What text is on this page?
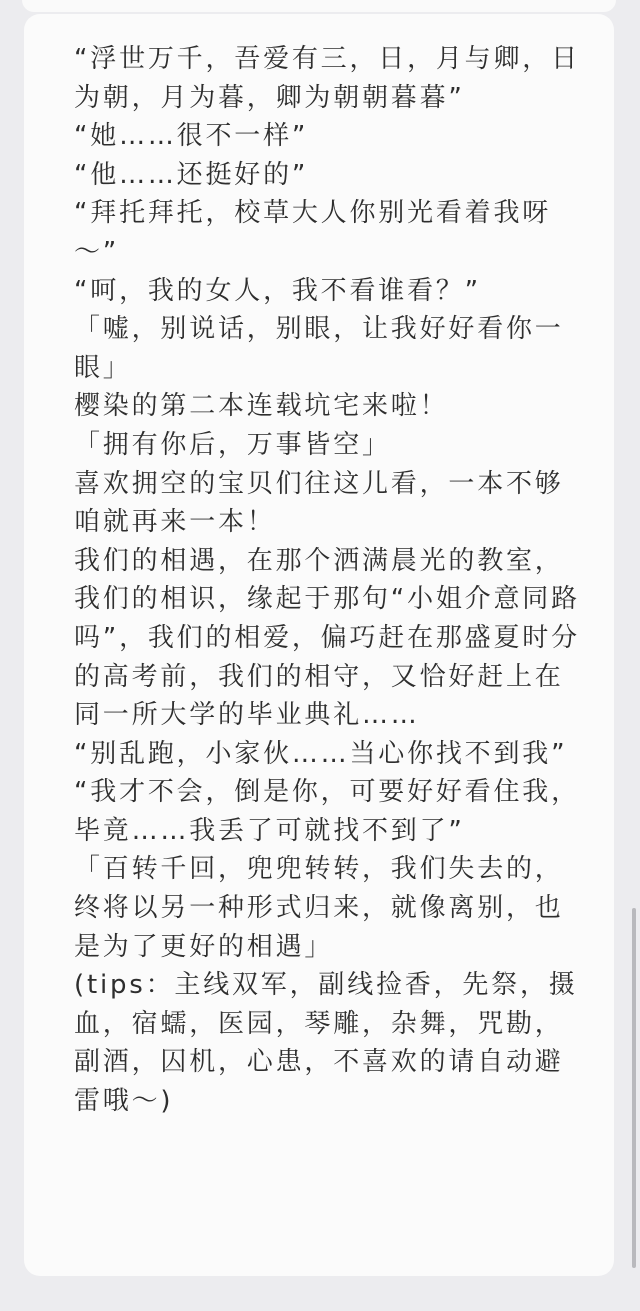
“浮世万千，吾爱有三，日，月与卿，日为朝，月为暮，卿为朝朝暮暮”

“她……很不一样”

“他……还挺好的”

“拜托拜托，校草大人你别光看着我呀～”

“呵，我的女人，我不看谁看？”

「嘘，别说话，别眼，让我好好看你一眼」

樱染的第二本连载坑宅来啦！

「拥有你后，万事皆空」

喜欢拥空的宝贝们往这儿看，一本不够咱就再来一本！

我们的相遇，在那个洒满晨光的教室，我们的相识，缘起于那句“小姐介意同路吗”，我们的相爱，偏巧赶在那盛夏时分的高考前，我们的相守，又恰好赶上在同一所大学的毕业典礼……

“别乱跑，小家伙……当心你找不到我”

“我才不会，倒是你，可要好好看住我，毕竟……我丢了可就找不到了”

「百转千回，兜兜转转，我们失去的，终将以另一种形式归来，就像离别，也是为了更好的相遇」

(tips：主线双军，副线捡香，先祭，摄血，宿蠕，医园，琴雕，杂舞，咒勘，副酒，囚机，心患，不喜欢的请自动避雷哦～)
